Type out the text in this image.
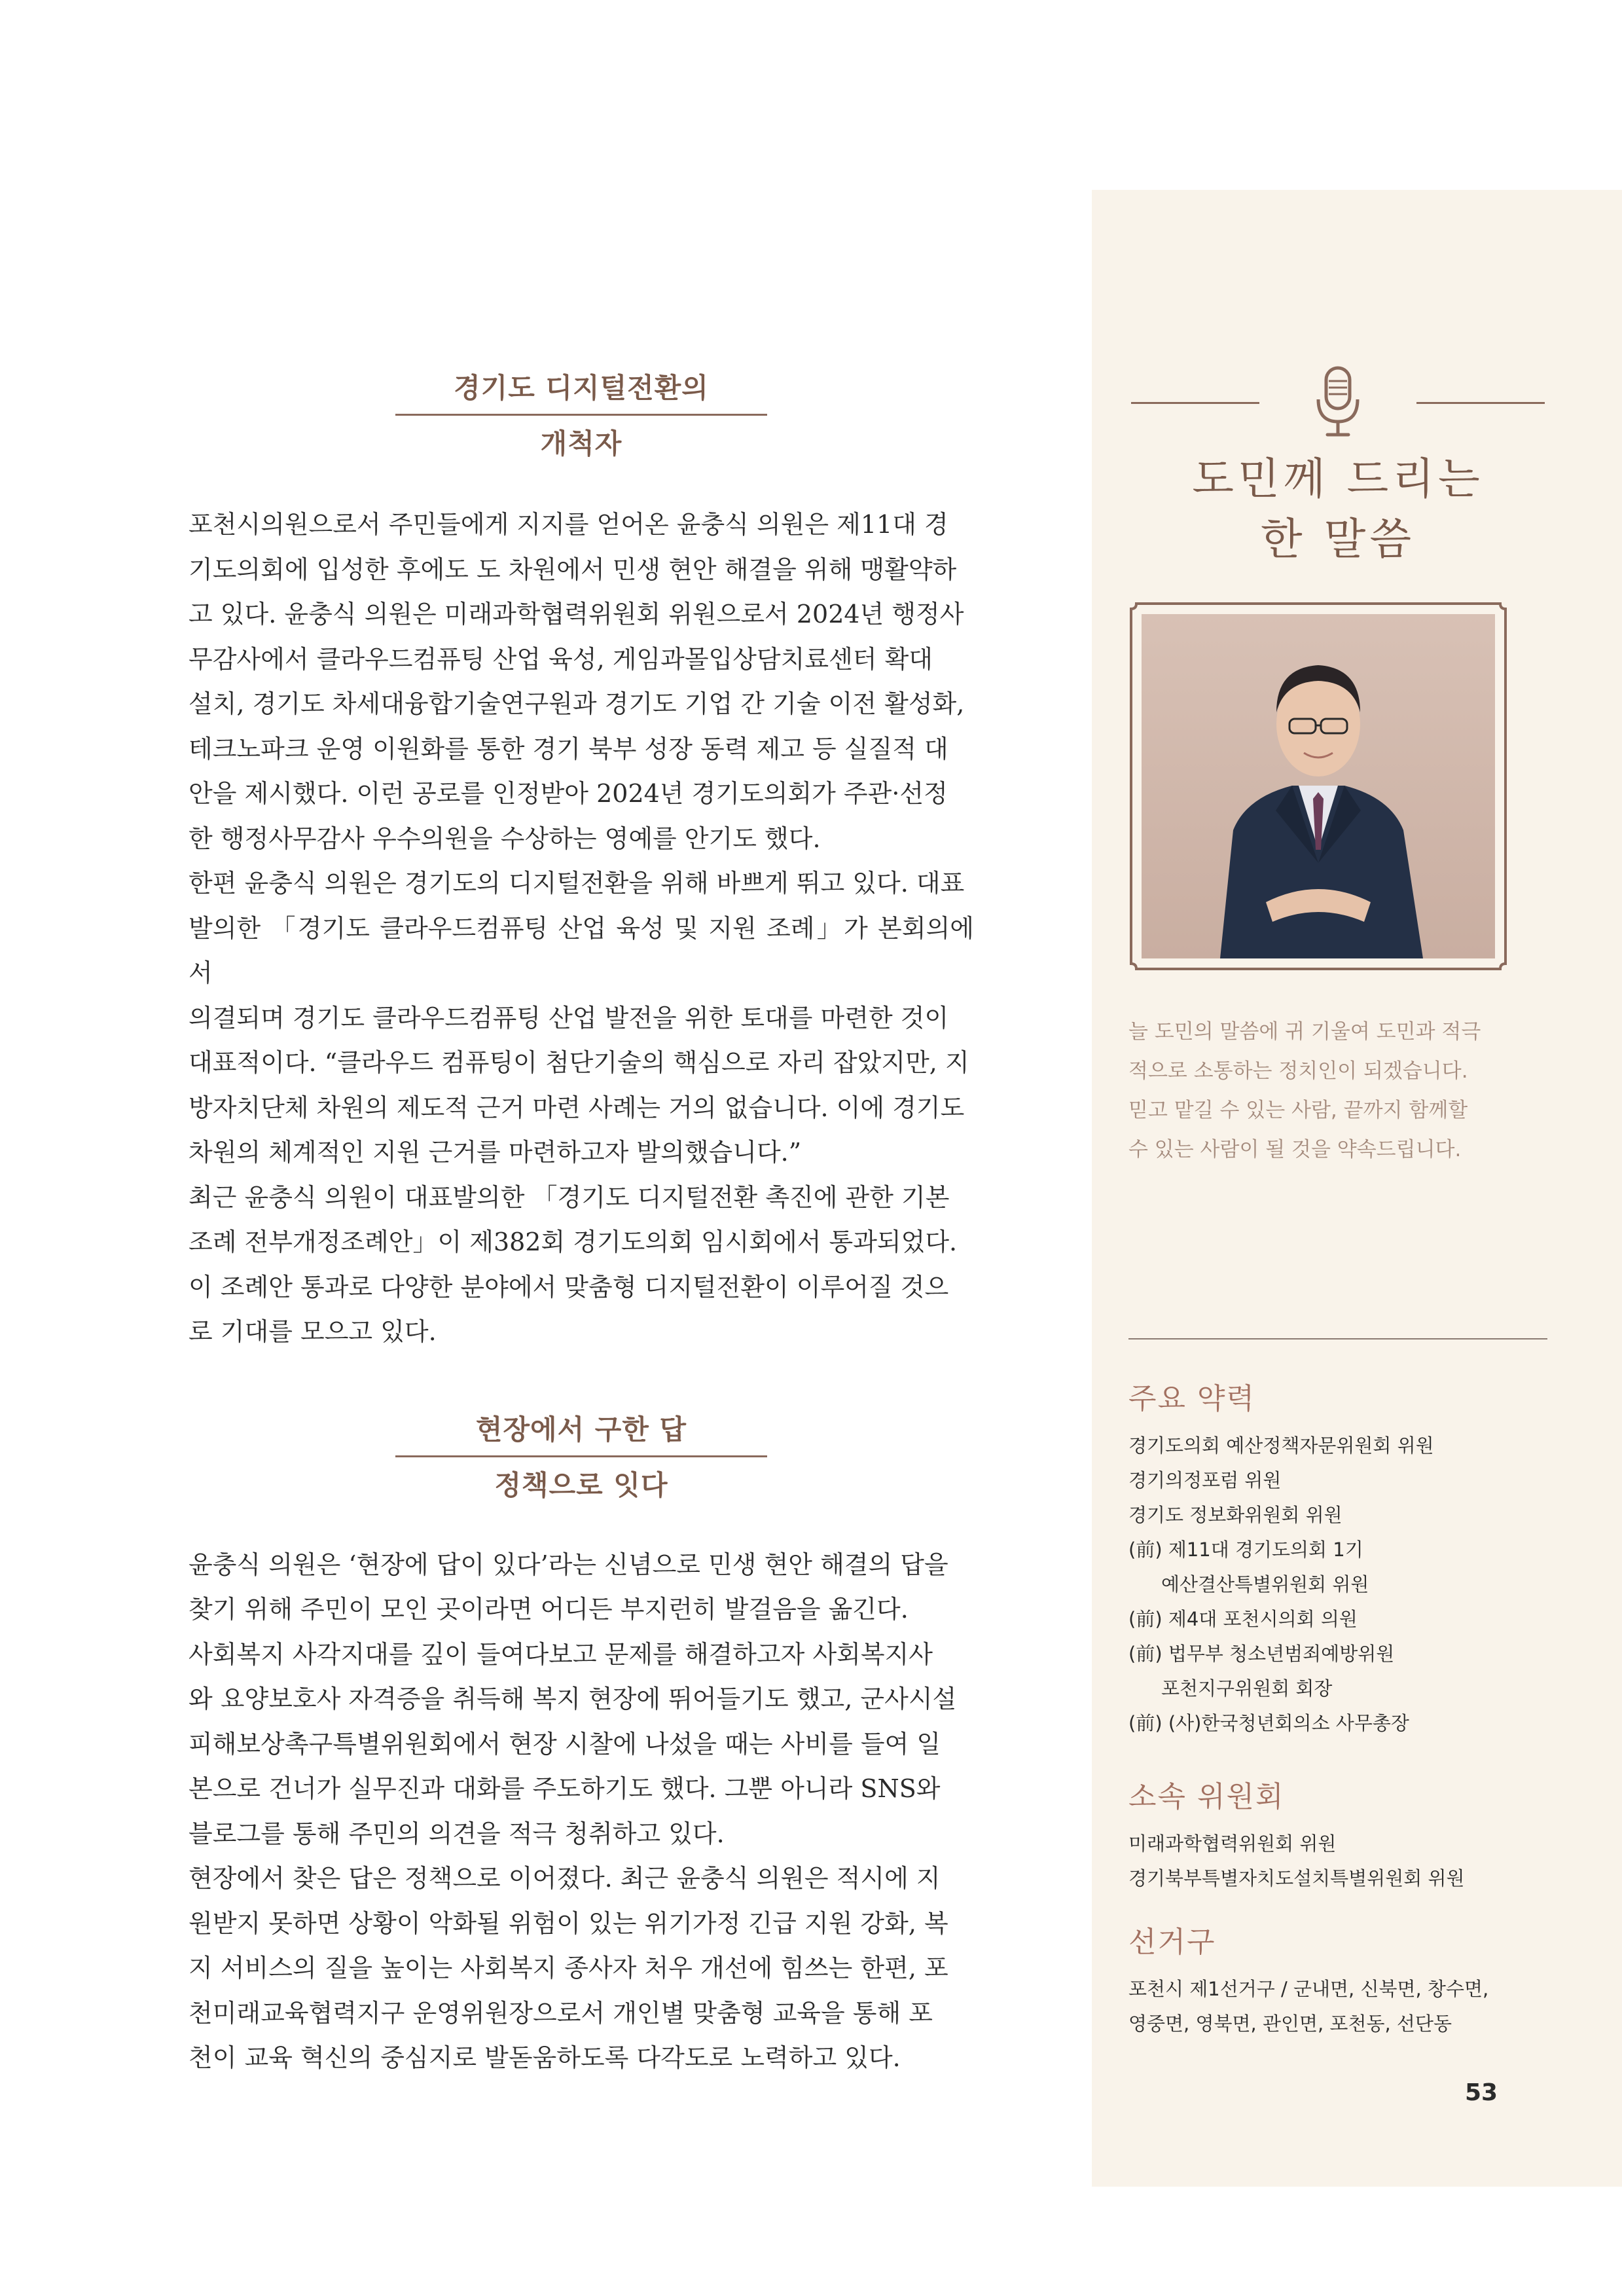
경기도 디지털전환의
개척자

포천시의원으로서 주민들에게 지지를 얻어온 윤충식 의원은 제11대 경
기도의회에 입성한 후에도 도 차원에서 민생 현안 해결을 위해 맹활약하
고 있다. 윤충식 의원은 미래과학협력위원회 위원으로서 2024년 행정사
무감사에서 클라우드컴퓨팅 산업 육성, 게임과몰입상담치료센터 확대
설치, 경기도 차세대융합기술연구원과 경기도 기업 간 기술 이전 활성화,
테크노파크 운영 이원화를 통한 경기 북부 성장 동력 제고 등 실질적 대
안을 제시했다. 이런 공로를 인정받아 2024년 경기도의회가 주관·선정
한 행정사무감사 우수의원을 수상하는 영예를 안기도 했다.
한편 윤충식 의원은 경기도의 디지털전환을 위해 바쁘게 뛰고 있다. 대표
발의한 「경기도 클라우드컴퓨팅 산업 육성 및 지원 조례」가 본회의에서
의결되며 경기도 클라우드컴퓨팅 산업 발전을 위한 토대를 마련한 것이
대표적이다. “클라우드 컴퓨팅이 첨단기술의 핵심으로 자리 잡았지만, 지
방자치단체 차원의 제도적 근거 마련 사례는 거의 없습니다. 이에 경기도
차원의 체계적인 지원 근거를 마련하고자 발의했습니다.”
최근 윤충식 의원이 대표발의한 「경기도 디지털전환 촉진에 관한 기본
조례 전부개정조례안」이 제382회 경기도의회 임시회에서 통과되었다.
이 조례안 통과로 다양한 분야에서 맞춤형 디지털전환이 이루어질 것으
로 기대를 모으고 있다.

현장에서 구한 답
정책으로 잇다

윤충식 의원은 ‘현장에 답이 있다’라는 신념으로 민생 현안 해결의 답을
찾기 위해 주민이 모인 곳이라면 어디든 부지런히 발걸음을 옮긴다.
사회복지 사각지대를 깊이 들여다보고 문제를 해결하고자 사회복지사
와 요양보호사 자격증을 취득해 복지 현장에 뛰어들기도 했고, 군사시설
피해보상촉구특별위원회에서 현장 시찰에 나섰을 때는 사비를 들여 일
본으로 건너가 실무진과 대화를 주도하기도 했다. 그뿐 아니라 SNS와
블로그를 통해 주민의 의견을 적극 청취하고 있다.
현장에서 찾은 답은 정책으로 이어졌다. 최근 윤충식 의원은 적시에 지
원받지 못하면 상황이 악화될 위험이 있는 위기가정 긴급 지원 강화, 복
지 서비스의 질을 높이는 사회복지 종사자 처우 개선에 힘쓰는 한편, 포
천미래교육협력지구 운영위원장으로서 개인별 맞춤형 교육을 통해 포
천이 교육 혁신의 중심지로 발돋움하도록 다각도로 노력하고 있다.

도민께 드리는
한 말씀

늘 도민의 말씀에 귀 기울여 도민과 적극
적으로 소통하는 정치인이 되겠습니다.
믿고 맡길 수 있는 사람, 끝까지 함께할
수 있는 사람이 될 것을 약속드립니다.

주요 약력

경기도의회 예산정책자문위원회 위원
경기의정포럼 위원
경기도 정보화위원회 위원
(前) 제11대 경기도의회 1기
예산결산특별위원회 위원
(前) 제4대 포천시의회 의원
(前) 법무부 청소년범죄예방위원
포천지구위원회 회장
(前) (사)한국청년회의소 사무총장

소속 위원회

미래과학협력위원회 위원
경기북부특별자치도설치특별위원회 위원

선거구

포천시 제1선거구 / 군내면, 신북면, 창수면,
영중면, 영북면, 관인면, 포천동, 선단동
53
